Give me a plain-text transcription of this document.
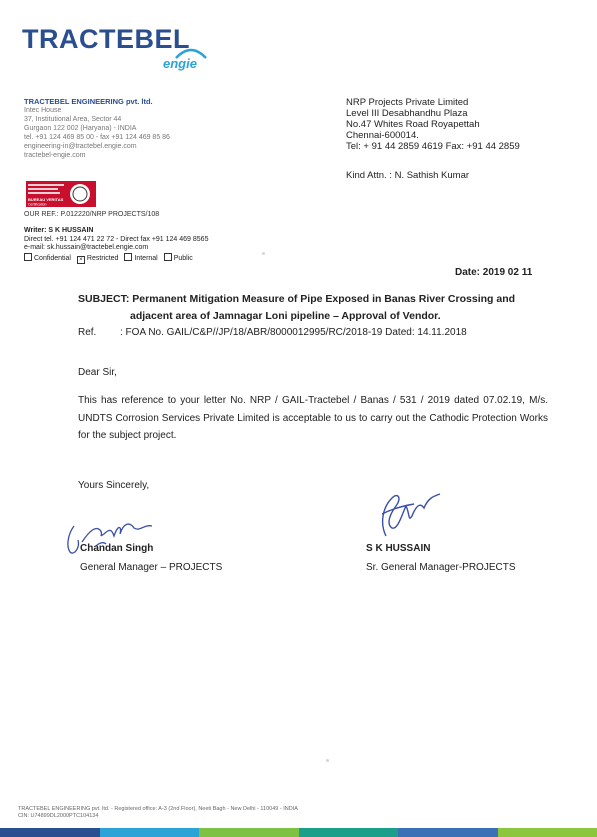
TRACTEBEL
engie
TRACTEBEL ENGINEERING pvt. ltd.
Intec House
37, Institutional Area, Sector 44
Gurgaon 122 002 (Haryana) - INDIA
tel. +91 124 469 85 00 - fax +91 124 469 85 86
engineering-in@tractebel.engie.com
tractebel-engie.com
NRP Projects Private Limited
Level III Desabhandhu Plaza
No.47 Whites Road Royapettah
Chennai-600014.
Tel: + 91 44 2859 4619 Fax: +91 44 2859
Kind Attn. : N. Sathish Kumar
BUREAU VERITAS
Certification
OUR REF.: P.012220/NRP PROJECTS/108
Writer: S K HUSSAIN
Direct tel. +91 124 471 22 72 - Direct fax +91 124 469 8565
e-mail: sk.hussain@tractebel.engie.com
Confidential × Restricted Internal Public
Date: 2019 02 11
SUBJECT: Permanent Mitigation Measure of Pipe Exposed in Banas River Crossing and
adjacent area of Jamnagar Loni pipeline – Approval of Vendor.
Ref. : FOA No. GAIL/C&P//JP/18/ABR/8000012995/RC/2018-19 Dated: 14.11.2018
Dear Sir,
This has reference to your letter No. NRP / GAIL-Tractebel / Banas / 531 / 2019 dated 07.02.19, M/s. UNDTS Corrosion Services Private Limited is acceptable to us to carry out the Cathodic Protection Works for the subject project.
Yours Sincerely,
Chandan Singh
General Manager – PROJECTS
S K HUSSAIN
Sr. General Manager-PROJECTS
TRACTEBEL ENGINEERING pvt. ltd. - Registered office: A-3 (2nd Floor), Neeti Bagh - New Delhi - 110049 - INDIA
CIN: U74899DL2000PTC104134
